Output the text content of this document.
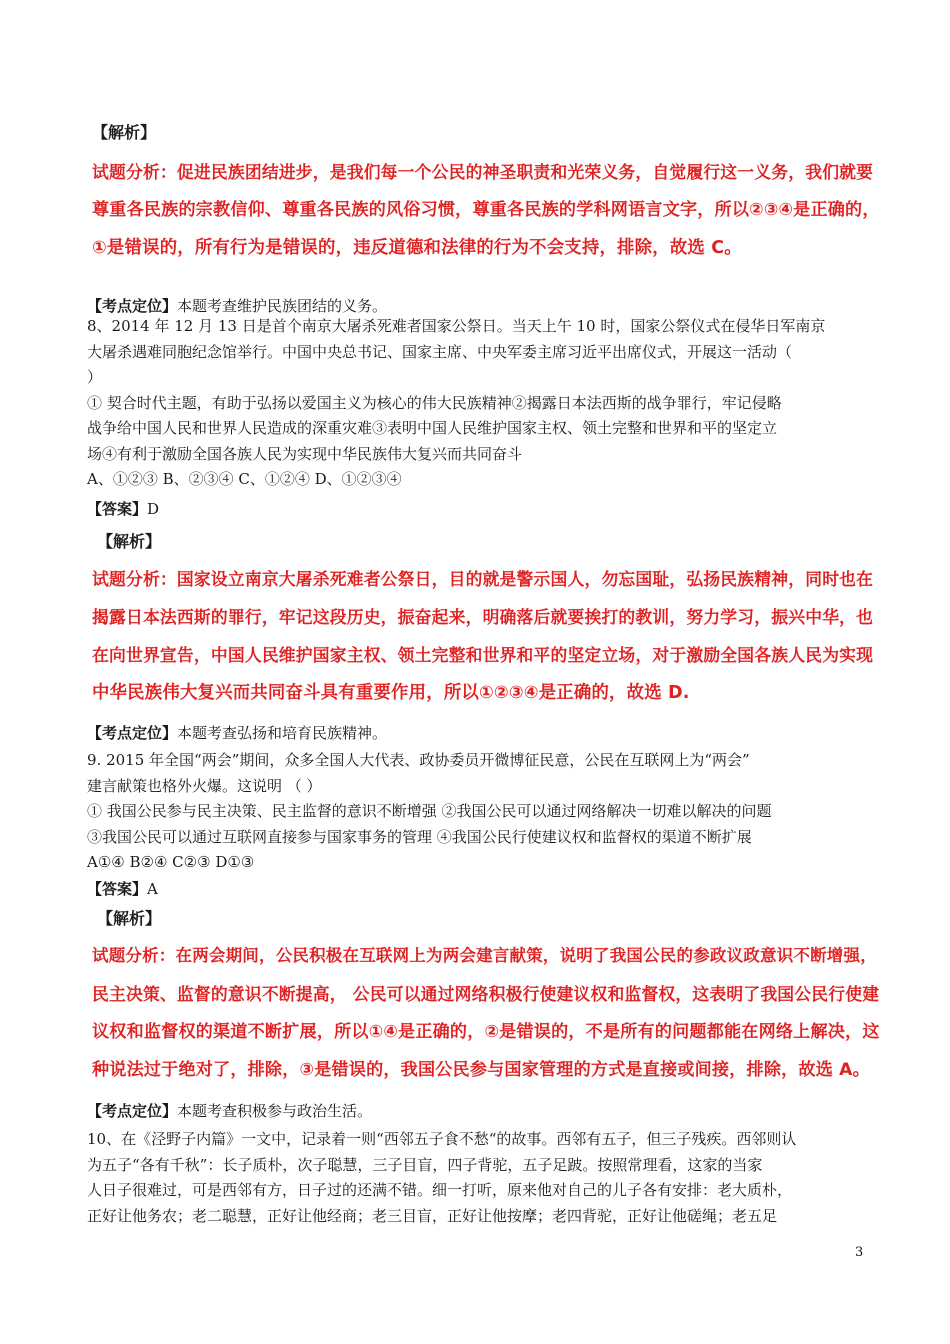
【解析】
试题分析：促进民族团结进步，是我们每一个公民的神圣职责和光荣义务，自觉履行这一义务，我们就要
尊重各民族的宗教信仰、尊重各民族的风俗习惯，尊重各民族的学科网语言文字，所以②③④是正确的，
①是错误的，所有行为是错误的，违反道德和法律的行为不会支持，排除，故选 C。
【考点定位】本题考查维护民族团结的义务。
8、2014 年 12 月 13 日是首个南京大屠杀死难者国家公祭日。当天上午 10 时，国家公祭仪式在侵华日军南京
大屠杀遇难同胞纪念馆举行。中国中央总书记、国家主席、中央军委主席习近平出席仪式，开展这一活动（
）
① 契合时代主题，有助于弘扬以爱国主义为核心的伟大民族精神②揭露日本法西斯的战争罪行，牢记侵略
战争给中国人民和世界人民造成的深重灾难③表明中国人民维护国家主权、领土完整和世界和平的坚定立
场④有利于激励全国各族人民为实现中华民族伟大复兴而共同奋斗
A、①②③ B、②③④ C、①②④ D、①②③④
【答案】D
【解析】
试题分析：国家设立南京大屠杀死难者公祭日，目的就是警示国人，勿忘国耻，弘扬民族精神，同时也在
揭露日本法西斯的罪行，牢记这段历史，振奋起来，明确落后就要挨打的教训，努力学习，振兴中华，也
在向世界宣告，中国人民维护国家主权、领土完整和世界和平的坚定立场，对于激励全国各族人民为实现
中华民族伟大复兴而共同奋斗具有重要作用，所以①②③④是正确的，故选 D.
【考点定位】本题考查弘扬和培育民族精神。
9. 2015 年全国“两会”期间，众多全国人大代表、政协委员开微博征民意，公民在互联网上为“两会”
建言献策也格外火爆。这说明 （ ）
① 我国公民参与民主决策、民主监督的意识不断增强 ②我国公民可以通过网络解决一切难以解决的问题
③我国公民可以通过互联网直接参与国家事务的管理 ④我国公民行使建议权和监督权的渠道不断扩展
A①④ B②④ C②③ D①③
【答案】A
【解析】
试题分析：在两会期间，公民积极在互联网上为两会建言献策，说明了我国公民的参政议政意识不断增强，
民主决策、监督的意识不断提高， 公民可以通过网络积极行使建议权和监督权，这表明了我国公民行使建
议权和监督权的渠道不断扩展，所以①④是正确的，②是错误的，不是所有的问题都能在网络上解决，这
种说法过于绝对了，排除，③是错误的，我国公民参与国家管理的方式是直接或间接，排除，故选 A。
【考点定位】本题考查积极参与政治生活。
10、在《泾野子内篇》一文中，记录着一则“西邻五子食不愁“的故事。西邻有五子，但三子残疾。西邻则认
为五子“各有千秋”：长子质朴，次子聪慧，三子目盲，四子背驼，五子足跛。按照常理看，这家的当家
人日子很难过，可是西邻有方，日子过的还满不错。细一打听，原来他对自己的儿子各有安排：老大质朴，
正好让他务农；老二聪慧，正好让他经商；老三目盲，正好让他按摩；老四背驼，正好让他磋绳；老五足
3
